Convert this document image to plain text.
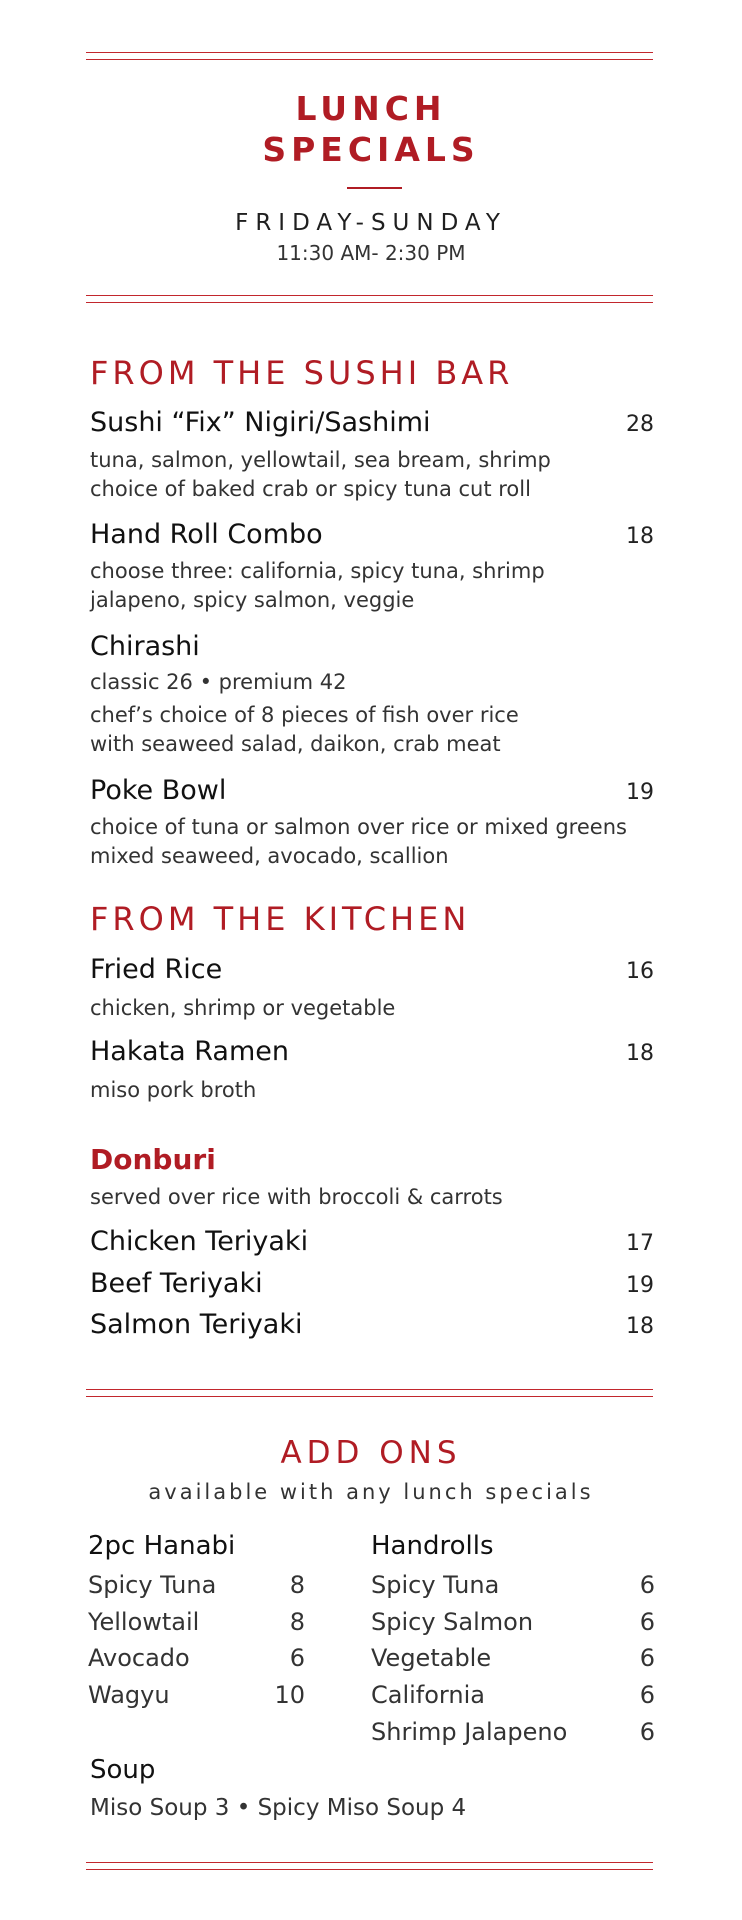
LUNCH
SPECIALS
FRIDAY-SUNDAY
11:30 AM- 2:30 PM
FROM THE SUSHI BAR
Sushi “Fix” Nigiri/Sashimi	28
tuna, salmon, yellowtail, sea bream, shrimp
choice of baked crab or spicy tuna cut roll
Hand Roll Combo	18
choose three: california, spicy tuna, shrimp
jalapeno, spicy salmon, veggie
Chirashi
classic 26 • premium 42
chef’s choice of 8 pieces of fish over rice
with seaweed salad, daikon, crab meat
Poke Bowl	19
choice of tuna or salmon over rice or mixed greens
mixed seaweed, avocado, scallion
FROM THE KITCHEN
Fried Rice	16
chicken, shrimp or vegetable
Hakata Ramen	18
miso pork broth
Donburi
served over rice with broccoli & carrots
Chicken Teriyaki	17
Beef Teriyaki	19
Salmon Teriyaki	18
ADD ONS
available with any lunch specials
2pc Hanabi
Spicy Tuna	8
Yellowtail	8
Avocado	6
Wagyu	10
Handrolls
Spicy Tuna	6
Spicy Salmon	6
Vegetable	6
California	6
Shrimp Jalapeno	6
Soup
Miso Soup 3 • Spicy Miso Soup 4
